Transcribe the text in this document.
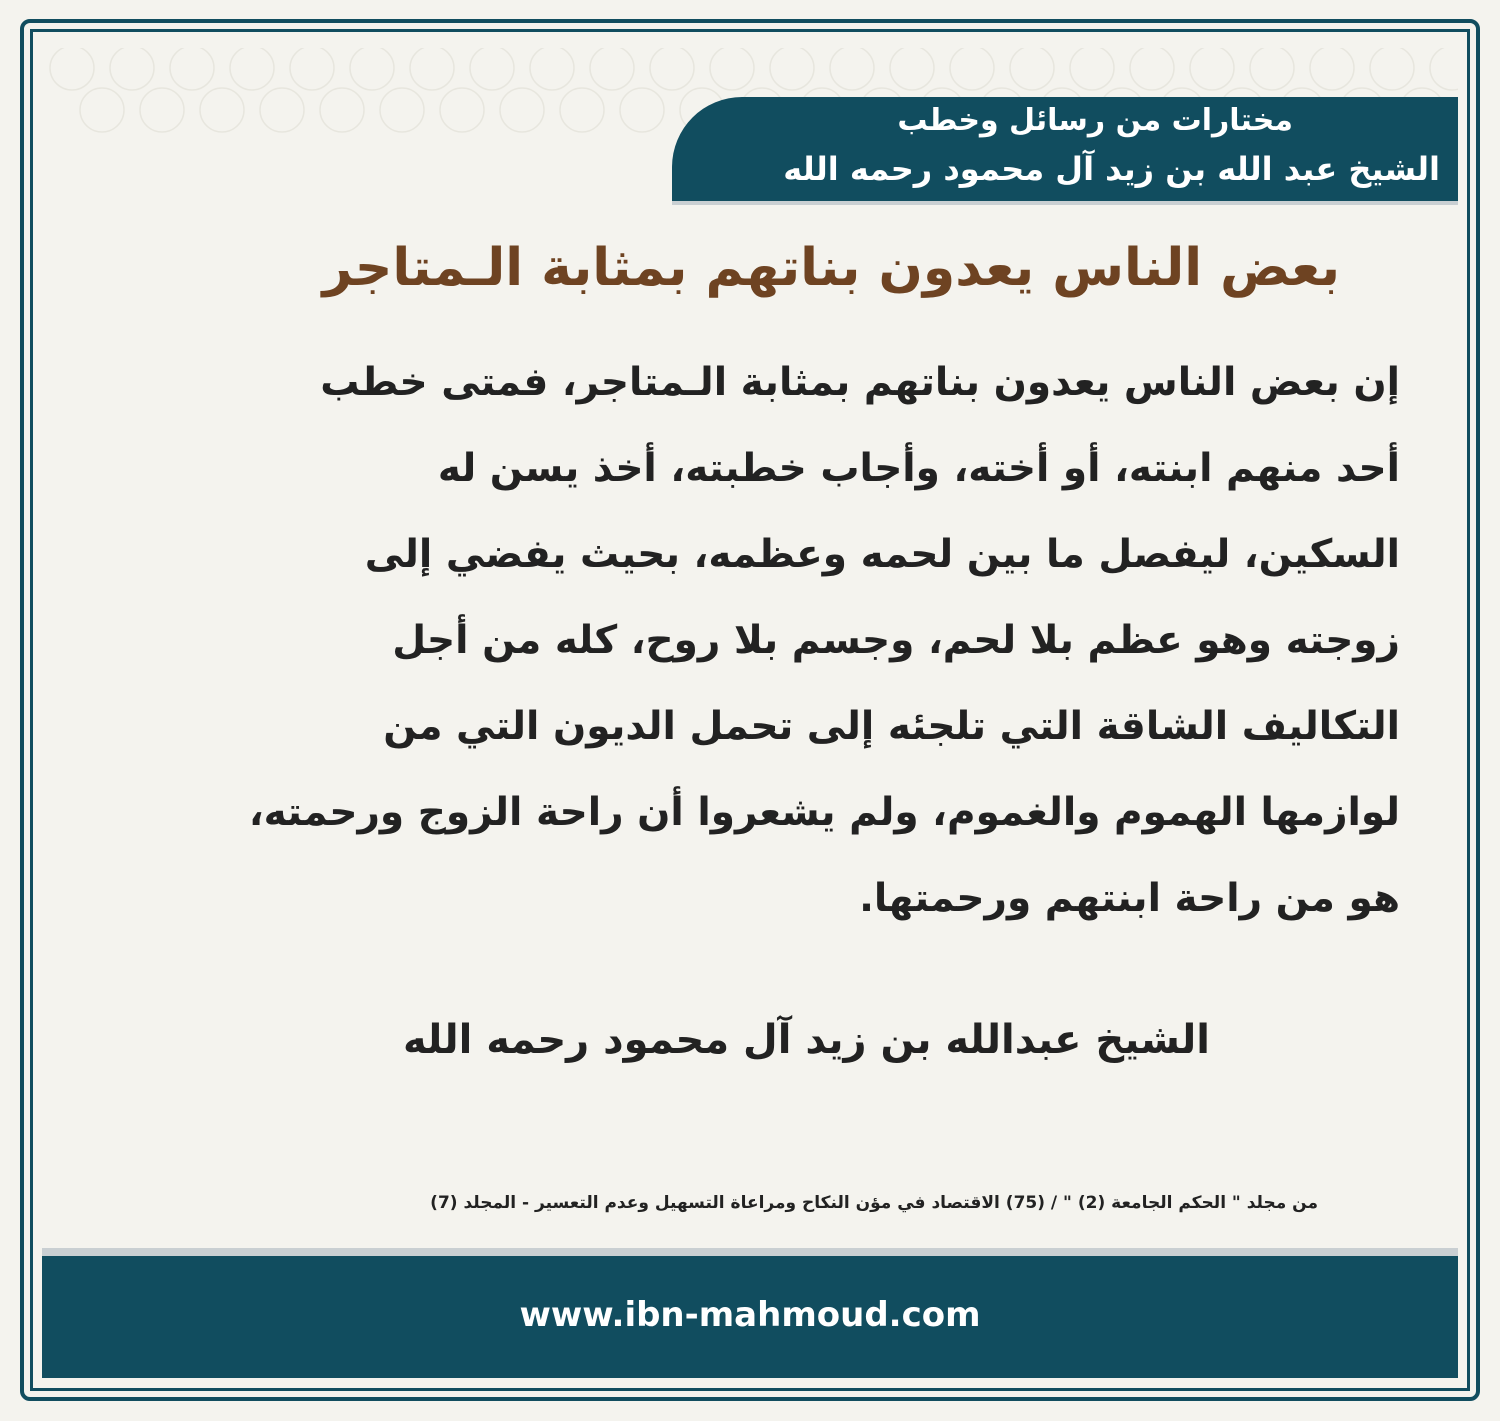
مختارات من رسائل وخطب
الشيخ عبد الله بن زيد آل محمود رحمه الله
بعض الناس يعدون بناتهم بمثابة الـمتاجر
إن بعض الناس يعدون بناتهم بمثابة الـمتاجر، فمتى خطب
أحد منهم ابنته، أو أخته، وأجاب خطبته، أخذ يسن له
السكين، ليفصل ما بين لحمه وعظمه، بحيث يفضي إلى
زوجته وهو عظم بلا لحم، وجسم بلا روح، كله من أجل
التكاليف الشاقة التي تلجئه إلى تحمل الديون التي من
لوازمها الهموم والغموم، ولم يشعروا أن راحة الزوج ورحمته،
هو من راحة ابنتهم ورحمتها.
الشيخ عبدالله بن زيد آل محمود رحمه الله
من مجلد " الحكم الجامعة (2) " / (75) الاقتصاد في مؤن النكاح ومراعاة التسهيل وعدم التعسير - المجلد (7)
www.ibn-mahmoud.com
